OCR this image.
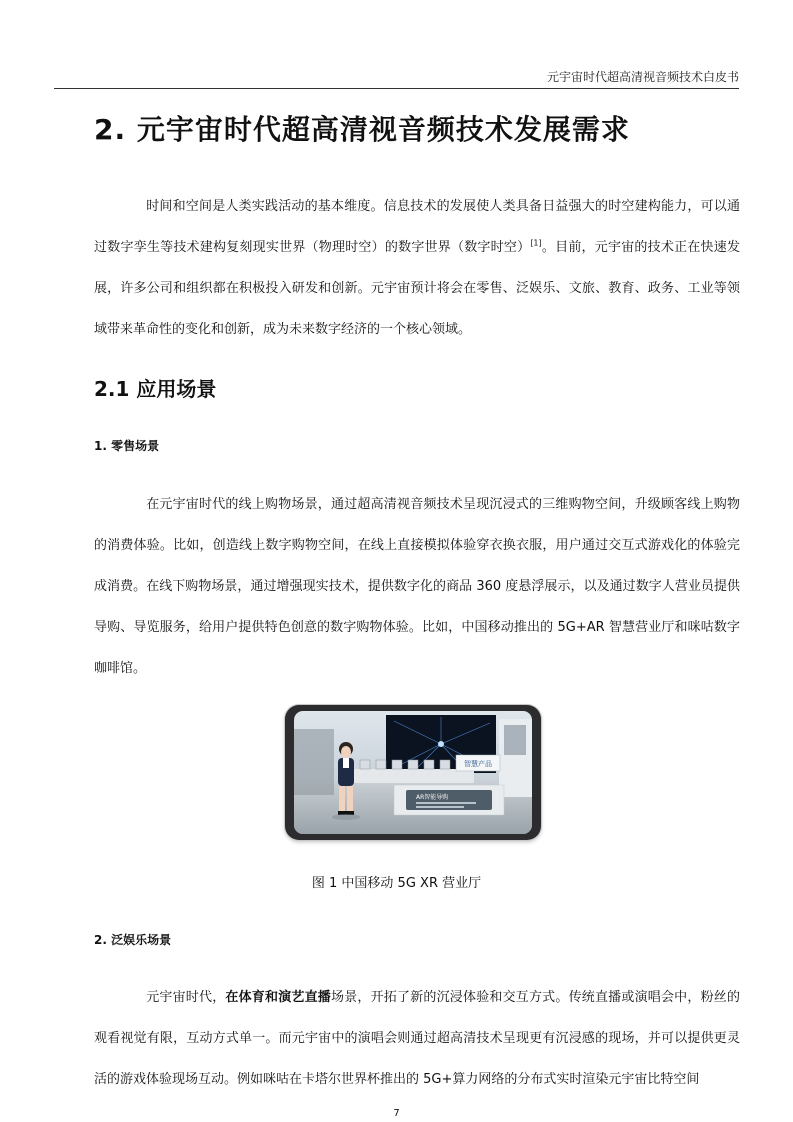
元宇宙时代超高清视音频技术白皮书
2. 元宇宙时代超高清视音频技术发展需求

时间和空间是人类实践活动的基本维度。信息技术的发展使人类具备日益强大的时空建构能力，可以通过数字孪生等技术建构复刻现实世界（物理时空）的数字世界（数字时空）[1]。目前，元宇宙的技术正在快速发展，许多公司和组织都在积极投入研发和创新。元宇宙预计将会在零售、泛娱乐、文旅、教育、政务、工业等领域带来革命性的变化和创新，成为未来数字经济的一个核心领域。

2.1 应用场景
1. 零售场景

在元宇宙时代的线上购物场景，通过超高清视音频技术呈现沉浸式的三维购物空间，升级顾客线上购物的消费体验。比如，创造线上数字购物空间，在线上直接模拟体验穿衣换衣服，用户通过交互式游戏化的体验完成消费。在线下购物场景，通过增强现实技术，提供数字化的商品 360 度悬浮展示，以及通过数字人营业员提供导购、导览服务，给用户提供特色创意的数字购物体验。比如，中国移动推出的 5G+AR 智慧营业厅和咪咕数字咖啡馆。

智慧产品
AR智能导购
图 1 中国移动 5G XR 营业厅
2. 泛娱乐场景

元宇宙时代，在体育和演艺直播场景，开拓了新的沉浸体验和交互方式。传统直播或演唱会中，粉丝的观看视觉有限，互动方式单一。而元宇宙中的演唱会则通过超高清技术呈现更有沉浸感的现场，并可以提供更灵活的游戏体验现场互动。例如咪咕在卡塔尔世界杯推出的 5G+算力网络的分布式实时渲染元宇宙比特空间

7
